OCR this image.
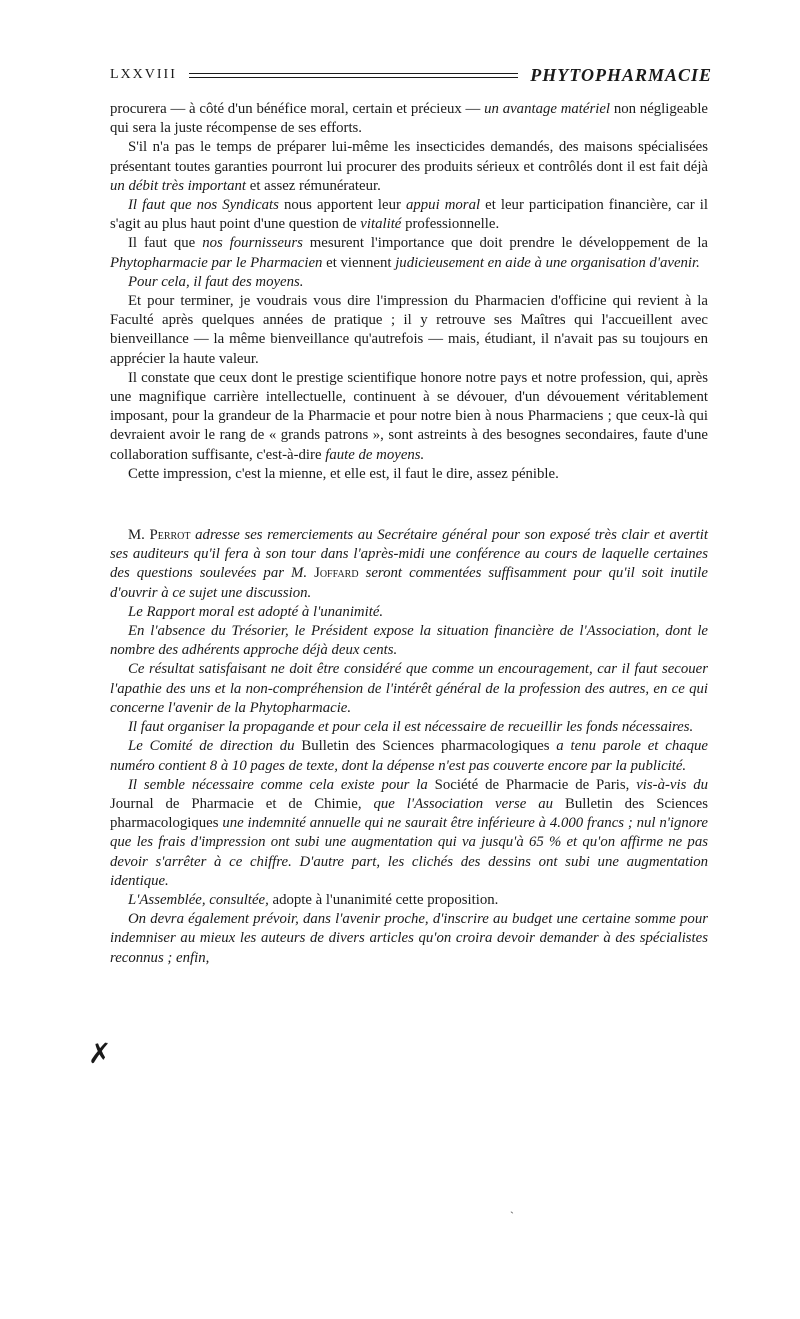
LXXVIII	PHYTOPHARMACIE

procurera — à côté d'un bénéfice moral, certain et précieux — un avantage matériel non négligeable qui sera la juste récompense de ses efforts.

S'il n'a pas le temps de préparer lui-même les insecticides demandés, des maisons spécialisées présentant toutes garanties pourront lui procurer des produits sérieux et contrôlés dont il est fait déjà un débit très important et assez rémunérateur.

Il faut que nos Syndicats nous apportent leur appui moral et leur participation financière, car il s'agit au plus haut point d'une question de vitalité professionnelle.

Il faut que nos fournisseurs mesurent l'importance que doit prendre le développement de la Phytopharmacie par le Pharmacien et viennent judicieusement en aide à une organisation d'avenir.

Pour cela, il faut des moyens.

Et pour terminer, je voudrais vous dire l'impression du Pharmacien d'officine qui revient à la Faculté après quelques années de pratique ; il y retrouve ses Maîtres qui l'accueillent avec bienveillance — la même bienveillance qu'autrefois — mais, étudiant, il n'avait pas su toujours en apprécier la haute valeur.

Il constate que ceux dont le prestige scientifique honore notre pays et notre profession, qui, après une magnifique carrière intellectuelle, continuent à se dévouer, d'un dévouement véritablement imposant, pour la grandeur de la Pharmacie et pour notre bien à nous Pharmaciens ; que ceux-là qui devraient avoir le rang de « grands patrons », sont astreints à des besognes secondaires, faute d'une collaboration suffisante, c'est-à-dire faute de moyens.

Cette impression, c'est la mienne, et elle est, il faut le dire, assez pénible.

M. Perrot adresse ses remerciements au Secrétaire général pour son exposé très clair et avertit ses auditeurs qu'il fera à son tour dans l'après-midi une conférence au cours de laquelle certaines des questions soulevées par M. Joffard seront commentées suffisamment pour qu'il soit inutile d'ouvrir à ce sujet une discussion.

Le Rapport moral est adopté à l'unanimité.

En l'absence du Trésorier, le Président expose la situation financière de l'Association, dont le nombre des adhérents approche déjà deux cents.

Ce résultat satisfaisant ne doit être considéré que comme un encouragement, car il faut secouer l'apathie des uns et la non-compréhension de l'intérêt général de la profession des autres, en ce qui concerne l'avenir de la Phytopharmacie.

Il faut organiser la propagande et pour cela il est nécessaire de recueillir les fonds nécessaires.

Le Comité de direction du Bulletin des Sciences pharmacologiques a tenu parole et chaque numéro contient 8 à 10 pages de texte, dont la dépense n'est pas couverte encore par la publicité.

Il semble nécessaire comme cela existe pour la Société de Pharmacie de Paris, vis-à-vis du Journal de Pharmacie et de Chimie, que l'Association verse au Bulletin des Sciences pharmacologiques une indemnité annuelle qui ne saurait être inférieure à 4.000 francs ; nul n'ignore que les frais d'impression ont subi une augmentation qui va jusqu'à 65 % et qu'on affirme ne pas devoir s'arrêter à ce chiffre. D'autre part, les clichés des dessins ont subi une augmentation identique.

L'Assemblée, consultée, adopte à l'unanimité cette proposition.

On devra également prévoir, dans l'avenir proche, d'inscrire au budget une certaine somme pour indemniser au mieux les auteurs de divers articles qu'on croira devoir demander à des spécialistes reconnus ; enfin,

✗
ˎ
